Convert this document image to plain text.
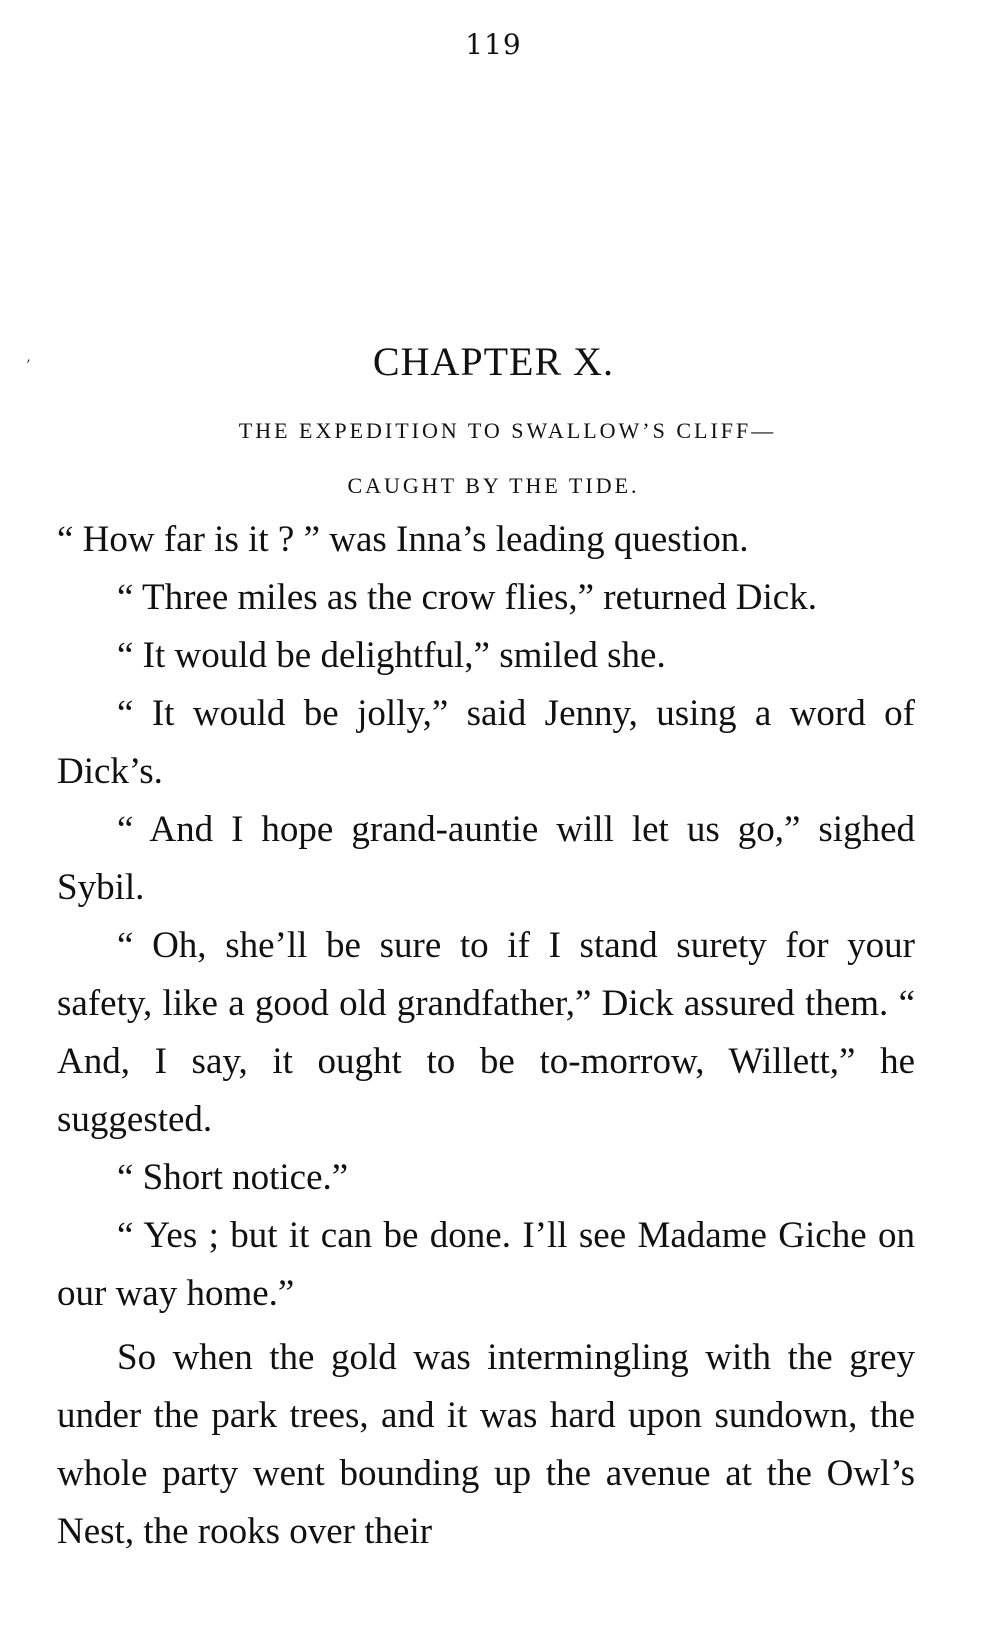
119
’	CHAPTER X.
THE EXPEDITION TO SWALLOW’S CLIFF—
CAUGHT BY THE TIDE.

“ How far is it ? ” was Inna’s leading question.

“ Three miles as the crow flies,” returned Dick.

“ It would be delightful,” smiled she.

“ It would be jolly,” said Jenny, using a word of Dick’s.

“ And I hope grand-auntie will let us go,” sighed Sybil.

“ Oh, she’ll be sure to if I stand surety for your safety, like a good old grandfather,” Dick assured them. “ And, I say, it ought to be to-morrow, Willett,” he suggested.

“ Short notice.”

“ Yes ; but it can be done. I’ll see Madame Giche on our way home.”

So when the gold was intermingling with the grey under the park trees, and it was hard upon sundown, the whole party went bounding up the avenue at the Owl’s Nest, the rooks over their
